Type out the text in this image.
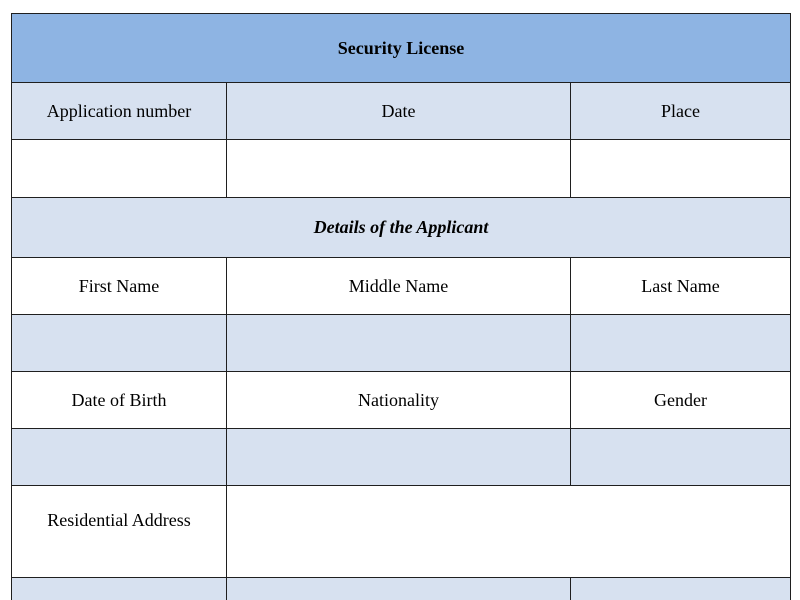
Security License		
Application number	Date	Place

Details of the Applicant		
First Name	Middle Name	Last Name

Date of Birth	Nationality	Gender

Residential Address		
